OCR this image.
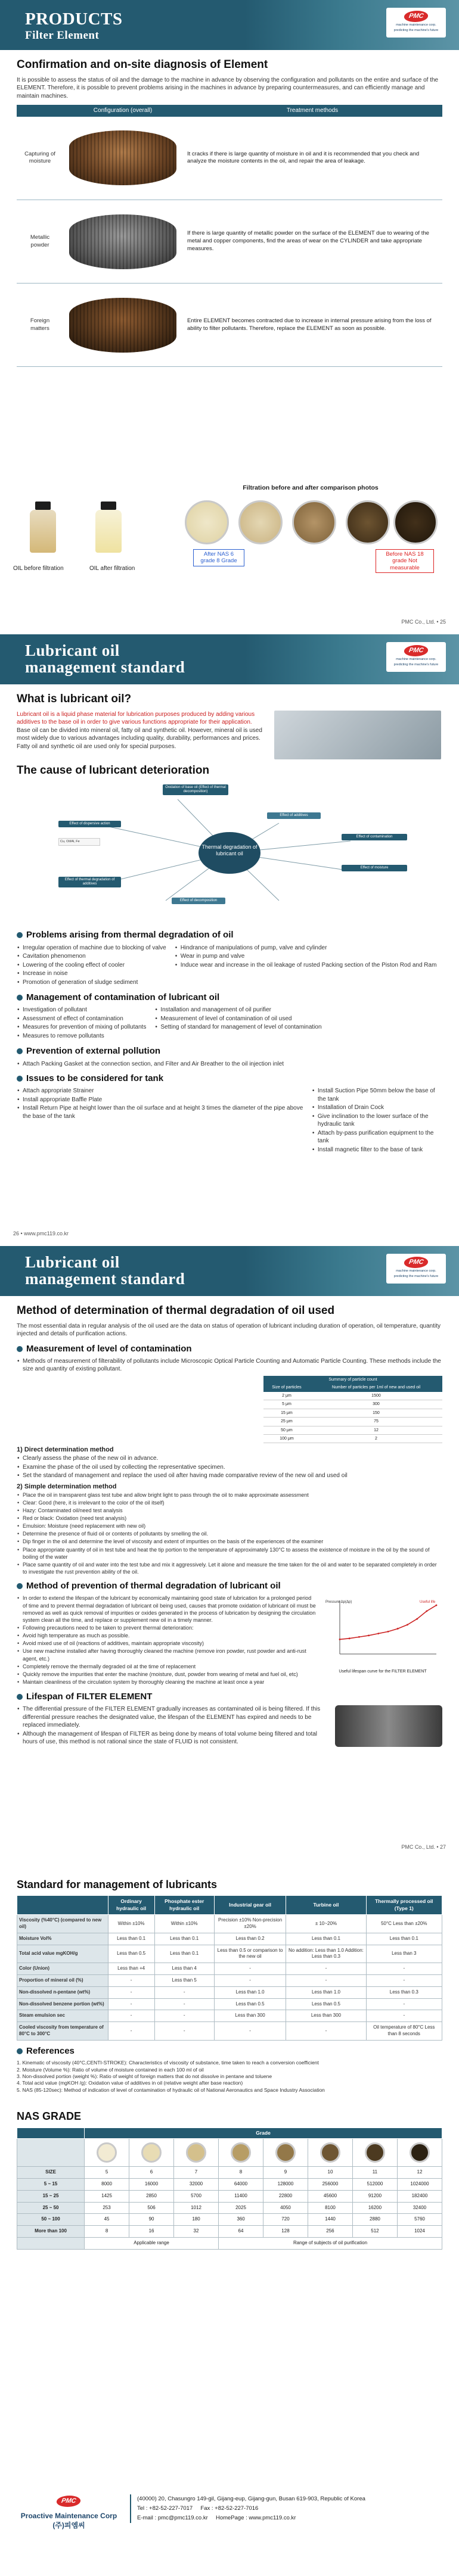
PRODUCTS
Filter Element
PMC
machine maintenance corp.
predicting the machine's future
Confirmation and on-site diagnosis of Element

It is possible to assess the status of oil and the damage to the machine in advance by observing the configuration and pollutants on the entire and surface of the ELEMENT. Therefore, it is possible to prevent problems arising in the machines in advance by preparing countermeasures, and can efficiently manage and maintain machines.

	Configuration (overall)	Treatment methods
Capturing of moisture		It cracks if there is large quantity of moisture in oil and it is recommended that you check and analyze the moisture contents in the oil, and repair the area of leakage.
Metallic powder		If there is large quantity of metallic powder on the surface of the ELEMENT due to wearing of the metal and copper components, find the areas of wear on the CYLINDER and take appropriate measures.
Foreign matters		Entire ELEMENT becomes contracted due to increase in internal pressure arising from the loss of ability to filter pollutants. Therefore, replace the ELEMENT as soon as possible.
OIL before filtration	OIL after filtration
Filtration before and after comparison photos
Before NAS 18 grade Not measurable
After NAS 6 grade 8 Grade
PMC Co., Ltd. • 25
Lubricant oil
management standard
PMC
machine maintenance corp.
predicting the machine's future
What is lubricant oil?

Lubricant oil is a liquid phase material for lubrication purposes produced by adding various additives to the base oil in order to give various functions appropriate for their application. Base oil can be divided into mineral oil, fatty oil and synthetic oil. However, mineral oil is used most widely due to various advantages including quality, durability, performances and prices. Fatty oil and synthetic oil are used only for special purposes.

The cause of lubricant deterioration
Thermal degradation of lubricant oil
Oxidation of base oil (Effect of thermal decomposition)
Effect of dispersive action
Effect of thermal degradation of additives
Effect of decomposition
Effect of additives
Effect of contamination
Effect of moisture
Cu, Oil/Al, Fe
Problems arising from thermal degradation of oil
• Irregular operation of machine due to blocking of valve
• Cavitation phenomenon
• Lowering of the cooling effect of cooler
• Increase in noise
• Promotion of generation of sludge sediment
• Hindrance of manipulations of pump, valve and cylinder
• Wear in pump and valve
• Induce wear and increase in the oil leakage of rusted Packing section of the Piston Rod and Ram
Management of contamination of lubricant oil
• Investigation of pollutant
• Assessment of effect of contamination
• Measures for prevention of mixing of pollutants
• Measures to remove pollutants
• Installation and management of oil purifier
• Measurement of level of contamination of oil used
• Setting of standard for management of level of contamination
Prevention of external pollution
• Attach Packing Gasket at the connection section, and Filter and Air Breather to the oil injection inlet
Issues to be considered for tank
• Attach appropriate Strainer
• Install appropriate Baffle Plate
• Install Return Pipe at height lower than the oil surface and at height 3 times the diameter of the pipe above the base of the tank
• Install Suction Pipe 50mm below the base of the tank
• Installation of Drain Cock
• Give inclination to the lower surface of the hydraulic tank
• Attach by-pass purification equipment to the tank
• Install magnetic filter to the base of tank
26 • www.pmc119.co.kr
Lubricant oil
management standard
PMC
machine maintenance corp.
predicting the machine's future
Method of determination of thermal degradation of oil used

The most essential data in regular analysis of the oil used are the data on status of operation of lubricant including duration of operation, oil temperature, quantity injected and details of purification actions.

Measurement of level of contamination
• Methods of measurement of filterability of pollutants include Microscopic Optical Particle Counting and Automatic Particle Counting. These methods include the size and quantity of existing pollutant.
Summary of particle count	
Size of particles	Number of particles per 1ml of new and used oil
2 μm	1500
5 μm	300
15 μm	150
25 μm	75
50 μm	12
100 μm	2
1) Direct determination method
• Clearly assess the phase of the new oil in advance.
• Examine the phase of the oil used by collecting the representative specimen.
• Set the standard of management and replace the used oil after having made comparative review of the new oil and used oil
2) Simple determination method
• Place the oil in transparent glass test tube and allow bright light to pass through the oil to make approximate assessment
• Clear: Good (here, it is irrelevant to the color of the oil itself)
• Hazy: Contaminated oil/need test analysis
• Red or black: Oxidation (need test analysis)
• Emulsion: Moisture (need replacement with new oil)
• Determine the presence of fluid oil or contents of pollutants by smelling the oil.
• Dip finger in the oil and determine the level of viscosity and extent of impurities on the basis of the experiences of the examiner
• Place appropriate quantity of oil in test tube and heat the tip portion to the temperature of approximately 130°C to assess the existence of moisture in the oil by the sound of boiling of the water
• Place same quantity of oil and water into the test tube and mix it aggressively. Let it alone and measure the time taken for the oil and water to be separated completely in order to investigate the rust prevention ability of the oil.
Method of prevention of thermal degradation of lubricant oil
• In order to extend the lifespan of the lubricant by economically maintaining good state of lubrication for a prolonged period of time and to prevent thermal degradation of lubricant oil being used, causes that promote oxidation of lubricant oil must be removed as well as quick removal of impurities or oxides generated in the process of lubrication by designing the circulation system clean all the time, and replace or supplement new oil in a timely manner.
• Following precautions need to be taken to prevent thermal deterioration:
• Avoid high temperature as much as possible.
• Avoid mixed use of oil (reactions of additives, maintain appropriate viscosity)
• Use new machine installed after having thoroughly cleaned the machine (remove iron powder, rust powder and anti-rust agent, etc.)
• Completely remove the thermally degraded oil at the time of replacement
• Quickly remove the impurities that enter the machine (moisture, dust, powder from wearing of metal and fuel oil, etc)
• Maintain cleanliness of the circulation system by thoroughly cleaning the machine at least once a year
Pressure Δp(Δp)	Useful life
Useful lifespan curve for the FILTER ELEMENT
Lifespan of FILTER ELEMENT
• The differential pressure of the FILTER ELEMENT gradually increases as contaminated oil is being filtered. If this differential pressure reaches the designated value, the lifespan of the ELEMENT has expired and needs to be replaced immediately.
• Although the management of lifespan of FILTER as being done by means of total volume being filtered and total hours of use, this method is not rational since the state of FLUID is not consistent.
PMC Co., Ltd. • 27
Standard for management of lubricants
	Ordinary hydraulic oil	Phosphate ester hydraulic oil	Industrial gear oil	Turbine oil	Thermally processed oil (Type 1)
Viscosity (%40°C) (compared to new oil)	Within ±10%	Within ±10%	Precision ±10% Non-precision ±20%	± 10~20%	50°C Less than ±20%
Moisture Vol%	Less than 0.1	Less than 0.1	Less than 0.2	Less than 0.1	Less than 0.1
Total acid value mgKOH/g	Less than 0.5	Less than 0.1	Less than 0.5 or comparison to the new oil	No addition: Less than 1.0 Addition: Less than 0.3	Less than 3
Color (Union)	Less than +4	Less than 4	-	-	-
Proportion of mineral oil (%)	-	Less than 5	-	-	-
Non-dissolved n-pentane (wt%)	-	-	Less than 1.0	Less than 1.0	Less than 0.3
Non-dissolved benzene portion (wt%)	-	-	Less than 0.5	Less than 0.5	-
Steam emulsion sec	-	-	Less than 300	Less than 300	-
Cooled viscosity from temperature of 80°C to 300°C	-	-	-	-	Oil temperature of 80°C Less than 8 seconds
References
1. Kinematic of viscosity (40°C,CENTI-STROKE): Characteristics of viscosity of substance, time taken to reach a conversion coefficient
2. Moisture (Volume %): Ratio of volume of moisture contained in each 100 ml of oil
3. Non-dissolved portion (weight %): Ratio of weight of foreign matters that do not dissolve in pentane and toluene
4. Total acid value (mgKOH /g): Oxidation value of additives in oil (relative weight after base reaction)
5. NAS (85-120sec): Method of indication of level of contamination of hydraulic oil of National Aeronautics and Space Industry Association
NAS GRADE
	Grade							

SIZE	5	6	7	8	9	10	11	12
5 ~ 15	8000	16000	32000	64000	128000	256000	512000	1024000
15 ~ 25	1425	2850	5700	11400	22800	45600	91200	182400
25 ~ 50	253	506	1012	2025	4050	8100	16200	32400
50 ~ 100	45	90	180	360	720	1440	2880	5760
More than 100	8	16	32	64	128	256	512	1024
	Applicable range			Range of subjects of oil purification				
PMC
Proactive Maintenance Corp
(주)피엠씨
(40000) 20, Chasungro 149-gil, Gijang-eup, Gijang-gun, Busan 619-903, Republic of Korea
Tel : +82-52-227-7017 Fax : +82-52-227-7016
E-mail : pmc@pmc119.co.kr HomePage : www.pmc119.co.kr
